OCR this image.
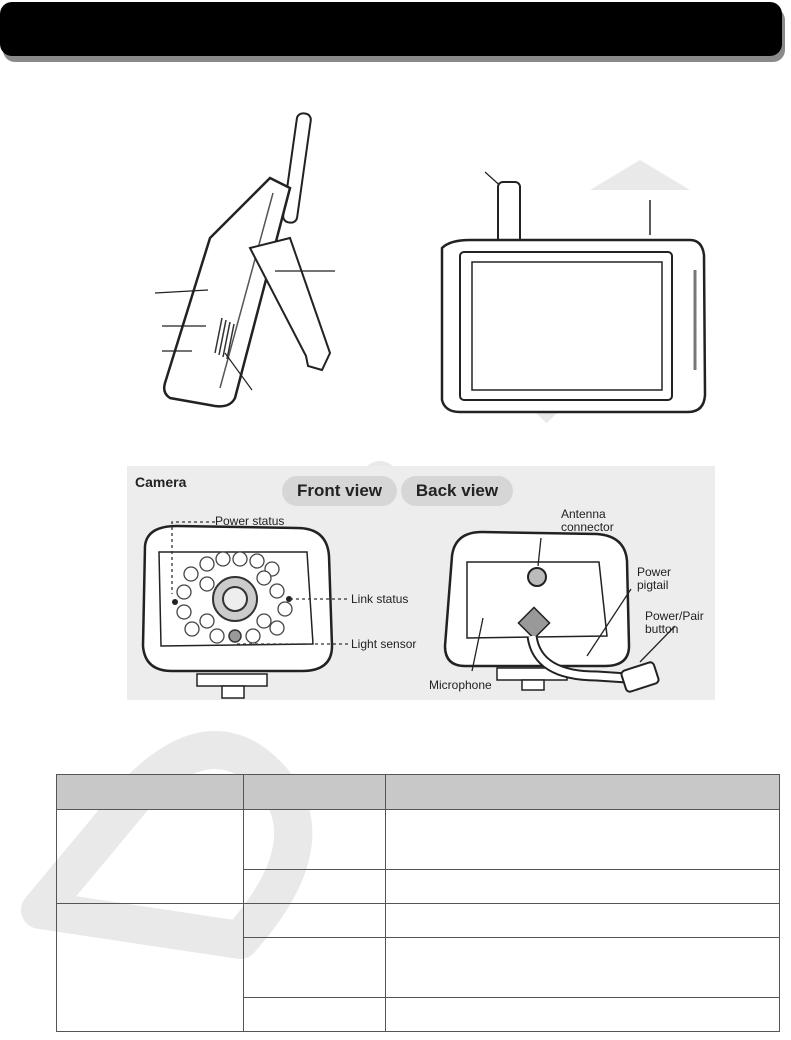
Camera	Front view	Back view
Power status
Link status
Light sensor
Antenna
connector
Power
pigtail
Power/Pair
button
Microphone
